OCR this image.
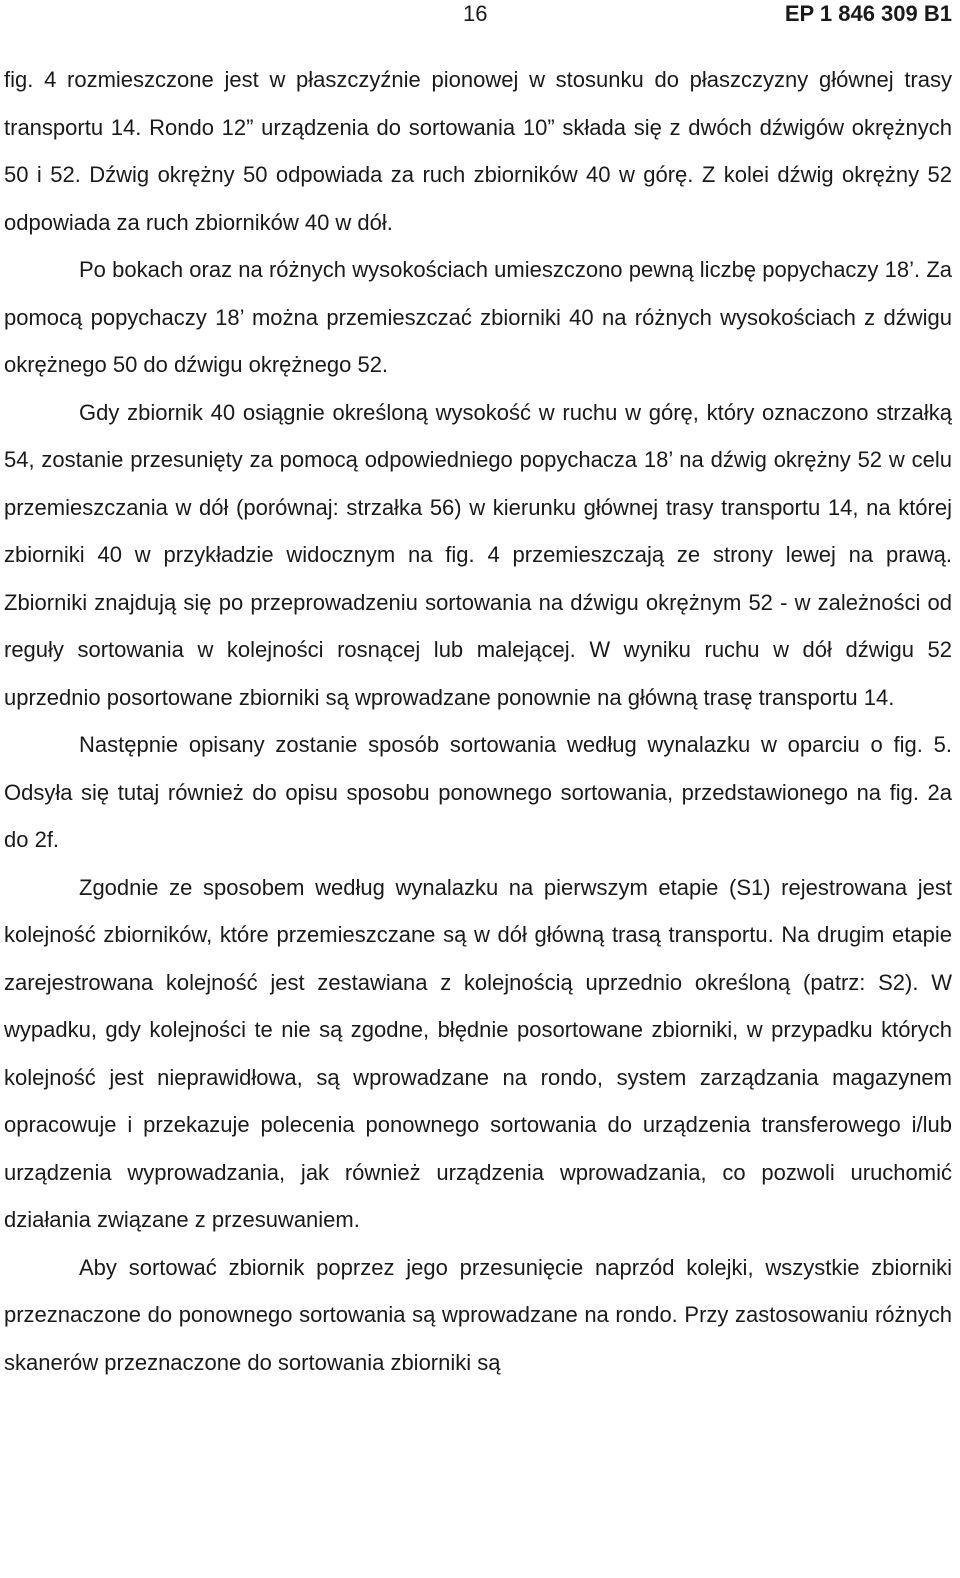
16	EP 1 846 309 B1

fig. 4 rozmieszczone jest w płaszczyźnie pionowej w stosunku do płaszczyzny głównej trasy transportu 14. Rondo 12” urządzenia do sortowania 10” składa się z dwóch dźwigów okrężnych 50 i 52. Dźwig okrężny 50 odpowiada za ruch zbiorników 40 w górę. Z kolei dźwig okrężny 52 odpowiada za ruch zbiorników 40 w dół.

Po bokach oraz na różnych wysokościach umieszczono pewną liczbę popychaczy 18’. Za pomocą popychaczy 18’ można przemieszczać zbiorniki 40 na różnych wysokościach z dźwigu okrężnego 50 do dźwigu okrężnego 52.

Gdy zbiornik 40 osiągnie określoną wysokość w ruchu w górę, który oznaczono strzałką 54, zostanie przesunięty za pomocą odpowiedniego popychacza 18’ na dźwig okrężny 52 w celu przemieszczania w dół (porównaj: strzałka 56) w kierunku głównej trasy transportu 14, na której zbiorniki 40 w przykładzie widocznym na fig. 4 przemieszczają ze strony lewej na prawą. Zbiorniki znajdują się po przeprowadzeniu sortowania na dźwigu okrężnym 52 - w zależności od reguły sortowania w kolejności rosnącej lub malejącej. W wyniku ruchu w dół dźwigu 52 uprzednio posortowane zbiorniki są wprowadzane ponownie na główną trasę transportu 14.

Następnie opisany zostanie sposób sortowania według wynalazku w oparciu o fig. 5. Odsyła się tutaj również do opisu sposobu ponownego sortowania, przedstawionego na fig. 2a do 2f.

Zgodnie ze sposobem według wynalazku na pierwszym etapie (S1) rejestrowana jest kolejność zbiorników, które przemieszczane są w dół główną trasą transportu. Na drugim etapie zarejestrowana kolejność jest zestawiana z kolejnością uprzednio określoną (patrz: S2). W wypadku, gdy kolejności te nie są zgodne, błędnie posortowane zbiorniki, w przypadku których kolejność jest nieprawidłowa, są wprowadzane na rondo, system zarządzania magazynem opracowuje i przekazuje polecenia ponownego sortowania do urządzenia transferowego i/lub urządzenia wyprowadzania, jak również urządzenia wprowadzania, co pozwoli uruchomić działania związane z przesuwaniem.

Aby sortować zbiornik poprzez jego przesunięcie naprzód kolejki, wszystkie zbiorniki przeznaczone do ponownego sortowania są wprowadzane na rondo. Przy zastosowaniu różnych skanerów przeznaczone do sortowania zbiorniki są
